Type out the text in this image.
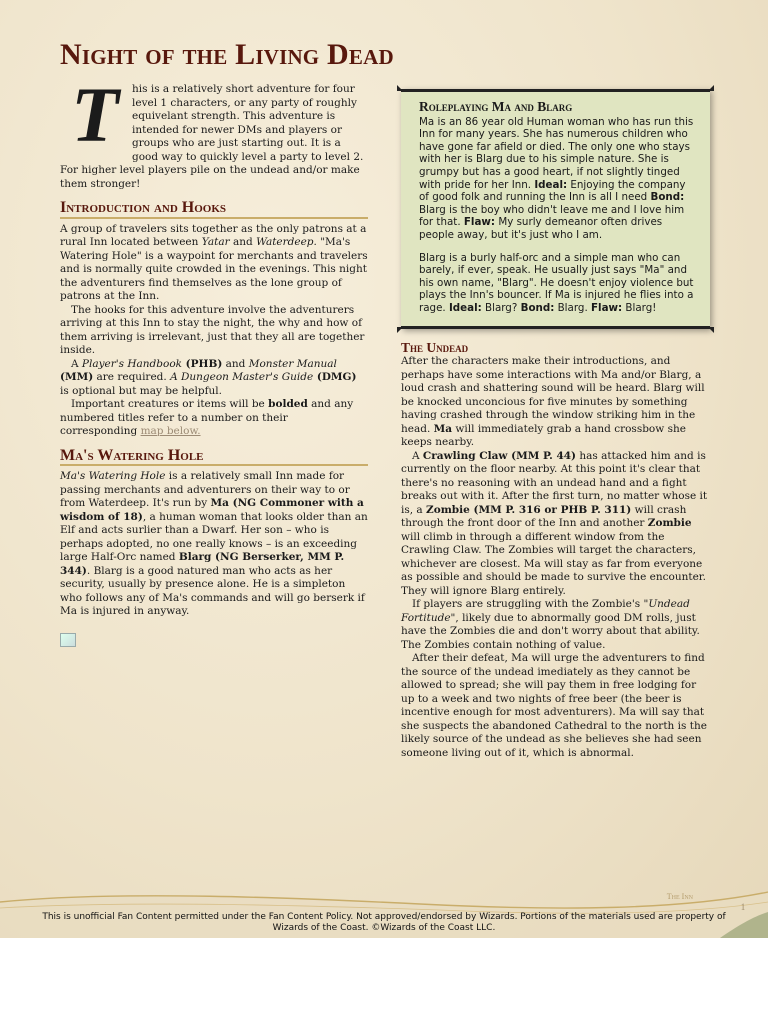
Night of the Living Dead
T	his is a relatively short adventure for four level 1 characters, or any party of roughly equivelant strength. This adventure is intended for newer DMs and players or groups who are just starting out. It is a good way to quickly level a party to level 2. For higher level players pile on the undead and/or make them stronger!

Introduction and Hooks

A group of travelers sits together as the only patrons at a rural Inn located between Yatar and Waterdeep. "Ma's Watering Hole" is a waypoint for merchants and travelers and is normally quite crowded in the evenings. This night the adventurers find themselves as the lone group of patrons at the Inn.

The hooks for this adventure involve the adventurers arriving at this Inn to stay the night, the why and how of them arriving is irrelevant, just that they all are together inside.

A Player's Handbook (PHB) and Monster Manual (MM) are required. A Dungeon Master's Guide (DMG) is optional but may be helpful.

Important creatures or items will be bolded and any numbered titles refer to a number on their corresponding map below.

Ma's Watering Hole

Ma's Watering Hole is a relatively small Inn made for passing merchants and adventurers on their way to or from Waterdeep. It's run by Ma (NG Commoner with a wisdom of 18), a human woman that looks older than an Elf and acts surlier than a Dwarf. Her son – who is perhaps adopted, no one really knows – is an exceeding large Half-Orc named Blarg (NG Berserker, MM P. 344). Blarg is a good natured man who acts as her security, usually by presence alone. He is a simpleton who follows any of Ma's commands and will go berserk if Ma is injured in anyway.

Roleplaying Ma and Blarg

Ma is an 86 year old Human woman who has run this Inn for many years. She has numerous children who have gone far afield or died. The only one who stays with her is Blarg due to his simple nature. She is grumpy but has a good heart, if not slightly tinged with pride for her Inn. Ideal: Enjoying the company of good folk and running the Inn is all I need Bond: Blarg is the boy who didn't leave me and I love him for that. Flaw: My surly demeanor often drives people away, but it's just who I am.

Blarg is a burly half-orc and a simple man who can barely, if ever, speak. He usually just says "Ma" and his own name, "Blarg". He doesn't enjoy violence but plays the Inn's bouncer. If Ma is injured he flies into a rage. Ideal: Blarg? Bond: Blarg. Flaw: Blarg!

The Undead

After the characters make their introductions, and perhaps have some interactions with Ma and/or Blarg, a loud crash and shattering sound will be heard. Blarg will be knocked unconcious for five minutes by something having crashed through the window striking him in the head. Ma will immediately grab a hand crossbow she keeps nearby.

A Crawling Claw (MM P. 44) has attacked him and is currently on the floor nearby. At this point it's clear that there's no reasoning with an undead hand and a fight breaks out with it. After the first turn, no matter whose it is, a Zombie (MM P. 316 or PHB P. 311) will crash through the front door of the Inn and another Zombie will climb in through a different window from the Crawling Claw. The Zombies will target the characters, whichever are closest. Ma will stay as far from everyone as possible and should be made to survive the encounter. They will ignore Blarg entirely.

If players are struggling with the Zombie's "Undead Fortitude", likely due to abnormally good DM rolls, just have the Zombies die and don't worry about that ability. The Zombies contain nothing of value.

After their defeat, Ma will urge the adventurers to find the source of the undead imediately as they cannot be allowed to spread; she will pay them in free lodging for up to a week and two nights of free beer (the beer is incentive enough for most adventurers). Ma will say that she suspects the abandoned Cathedral to the north is the likely source of the undead as she believes she had seen someone living out of it, which is abnormal.

The Inn
1
This is unofficial Fan Content permitted under the Fan Content Policy. Not approved/endorsed by Wizards. Portions of the materials used are property of Wizards of the Coast. ©Wizards of the Coast LLC.
